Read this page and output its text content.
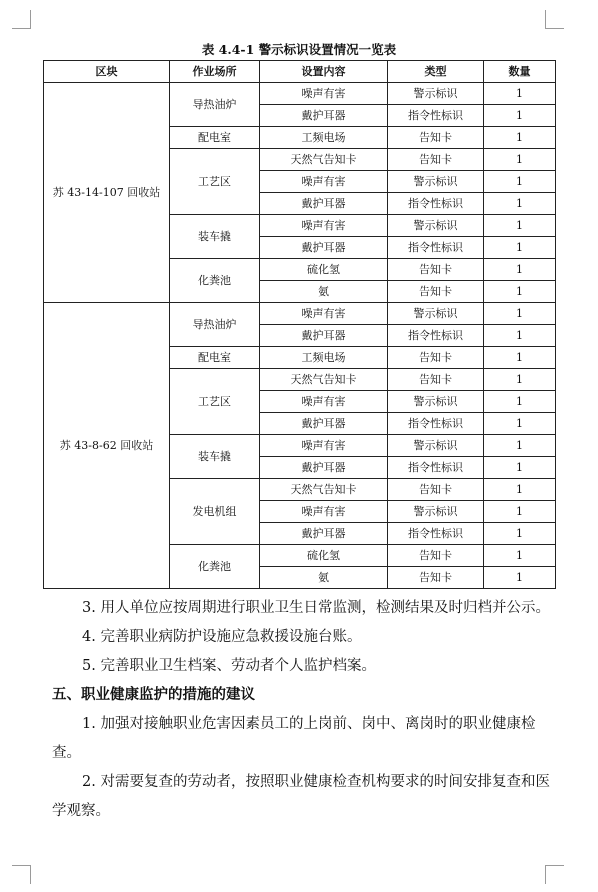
表 4.4-1 警示标识设置情况一览表
区块	作业场所	设置内容	类型	数量
苏 43-14-107 回收站	导热油炉	噪声有害	警示标识	1
		戴护耳器	指令性标识	1
	配电室	工频电场	告知卡	1
	工艺区	天然气告知卡	告知卡	1
		噪声有害	警示标识	1
		戴护耳器	指令性标识	1
	装车撬	噪声有害	警示标识	1
		戴护耳器	指令性标识	1
	化粪池	硫化氢	告知卡	1
		氨	告知卡	1
苏 43-8-62 回收站	导热油炉	噪声有害	警示标识	1
		戴护耳器	指令性标识	1
	配电室	工频电场	告知卡	1
	工艺区	天然气告知卡	告知卡	1
		噪声有害	警示标识	1
		戴护耳器	指令性标识	1
	装车撬	噪声有害	警示标识	1
		戴护耳器	指令性标识	1
	发电机组	天然气告知卡	告知卡	1
		噪声有害	警示标识	1
		戴护耳器	指令性标识	1
	化粪池	硫化氢	告知卡	1
		氨	告知卡	1

3. 用人单位应按周期进行职业卫生日常监测，检测结果及时归档并公示。

4. 完善职业病防护设施应急救援设施台账。

5. 完善职业卫生档案、劳动者个人监护档案。

五、职业健康监护的措施的建议

1. 加强对接触职业危害因素员工的上岗前、岗中、离岗时的职业健康检查。

2. 对需要复查的劳动者，按照职业健康检查机构要求的时间安排复查和医学观察。
